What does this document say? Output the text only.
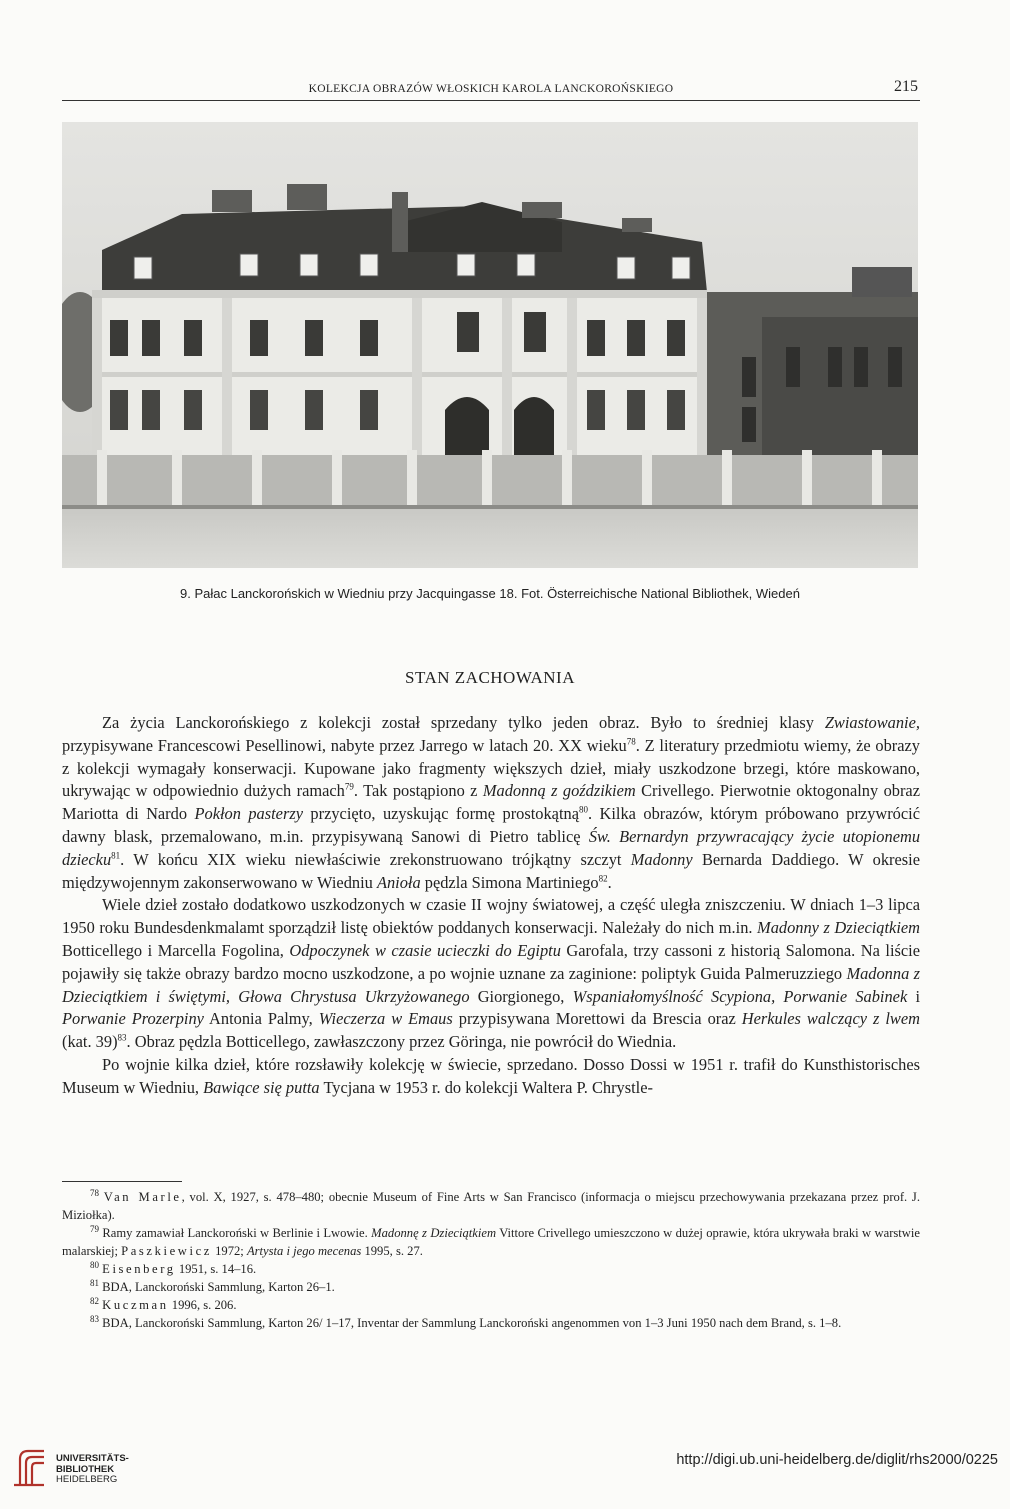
KOLEKCJA OBRAZÓW WŁOSKICH KAROLA LANCKOROŃSKIEGO	215
9. Pałac Lanckorońskich w Wiedniu przy Jacquingasse 18. Fot. Österreichische National Bibliothek, Wiedeń
STAN ZACHOWANIA

Za życia Lanckorońskiego z kolekcji został sprzedany tylko jeden obraz. Było to średniej klasy Zwiastowanie, przypisywane Francescowi Pesellinowi, nabyte przez Jarrego w latach 20. XX wieku$^{78}$. Z literatury przedmiotu wiemy, że obrazy z kolekcji wymagały konserwacji. Kupowane jako fragmenty większych dzieł, miały uszkodzone brzegi, które maskowano, ukrywając w odpowiednio dużych ramach$^{79}$. Tak postąpiono z Madonną z goździkiem Crivellego. Pierwotnie oktogonalny obraz Mariotta di Nardo Pokłon pasterzy przycięto, uzyskując formę prostokątną$^{80}$. Kilka obrazów, którym próbowano przywrócić dawny blask, przemalowano, m.in. przypisywaną Sanowi di Pietro tablicę Św. Bernardyn przywracający życie utopionemu dziecku$^{81}$. W końcu XIX wieku niewłaściwie zrekonstruowano trójkątny szczyt Madonny Bernarda Daddiego. W okresie międzywojennym zakonserwowano w Wiedniu Anioła pędzla Simona Martiniego$^{82}$.

Wiele dzieł zostało dodatkowo uszkodzonych w czasie II wojny światowej, a część uległa zniszczeniu. W dniach 1–3 lipca 1950 roku Bundesdenkmalamt sporządził listę obiektów poddanych konserwacji. Należały do nich m.in. Madonny z Dzieciątkiem Botticellego i Marcella Fogolina, Odpoczynek w czasie ucieczki do Egiptu Garofala, trzy cassoni z historią Salomona. Na liście pojawiły się także obrazy bardzo mocno uszkodzone, a po wojnie uznane za zaginione: poliptyk Guida Palmeruzziego Madonna z Dzieciątkiem i świętymi, Głowa Chrystusa Ukrzyżowanego Giorgionego, Wspaniałomyślność Scypiona, Porwanie Sabinek i Porwanie Prozerpiny Antonia Palmy, Wieczerza w Emaus przypisywana Morettowi da Brescia oraz Herkules walczący z lwem (kat. 39)$^{83}$. Obraz pędzla Botticellego, zawłaszczony przez Göringa, nie powrócił do Wiednia.

Po wojnie kilka dzieł, które rozsławiły kolekcję w świecie, sprzedano. Dosso Dossi w 1951 r. trafił do Kunsthistorisches Museum w Wiedniu, Bawiące się putta Tycjana w 1953 r. do kolekcji Waltera P. Chrystle-

$^{78}$ Van Marle, vol. X, 1927, s. 478–480; obecnie Museum of Fine Arts w San Francisco (informacja o miejscu przechowywania przekazana przez prof. J. Miziołka).

$^{79}$ Ramy zamawiał Lanckoroński w Berlinie i Lwowie. Madonnę z Dzieciątkiem Vittore Crivellego umieszczono w dużej oprawie, która ukrywała braki w warstwie malarskiej; Paszkiewicz 1972; Artysta i jego mecenas 1995, s. 27.

$^{80}$ Eisenberg 1951, s. 14–16.

$^{81}$ BDA, Lanckoroński Sammlung, Karton 26–1.

$^{82}$ Kuczman 1996, s. 206.

$^{83}$ BDA, Lanckoroński Sammlung, Karton 26/ 1–17, Inventar der Sammlung Lanckoroński angenommen von 1–3 Juni 1950 nach dem Brand, s. 1–8.

UNIVERSITÄTS-
BIBLIOTHEK
HEIDELBERG
http://digi.ub.uni-heidelberg.de/diglit/rhs2000/0225
